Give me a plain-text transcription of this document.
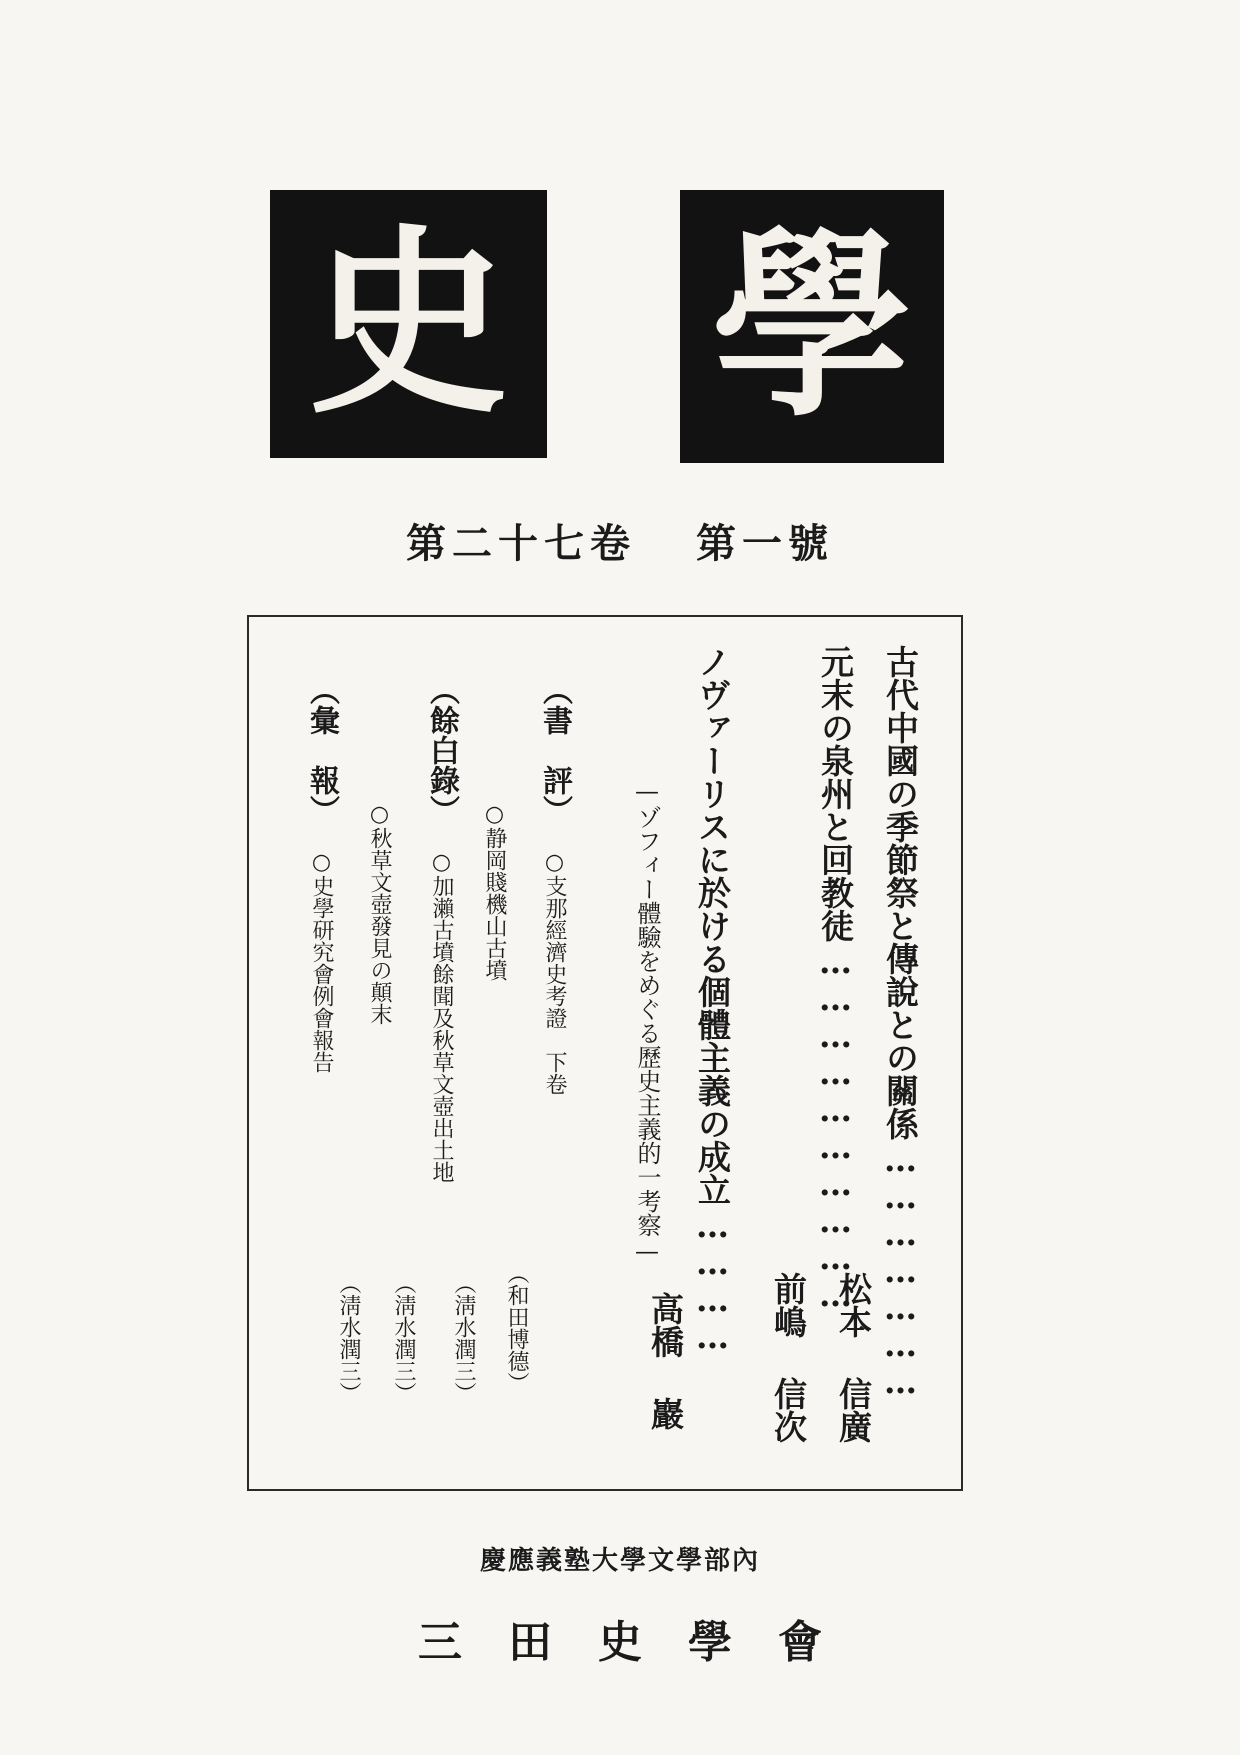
史 學
第二十七卷 第一號
古代中國の季節祭と傳說との關係…………………
松本 信廣
元末の泉州と回教徒…………………………
前嶋 信次
ノヴァーリスに於ける個體主義の成立…………
高橋 巖
—ゾフィー體驗をめぐる歷史主義的一考察—
（書　評） ○支那經濟史考證　下卷
（和田博德）
○静岡賤機山古墳
（淸水潤三）
（餘白錄） ○加瀨古墳餘聞及秋草文壺出土地
（淸水潤三）
○秋草文壺發見の顛末
（淸水潤三）
（彙　報） ○史學研究會例會報告
慶應義塾大學文學部內
三田史學會
